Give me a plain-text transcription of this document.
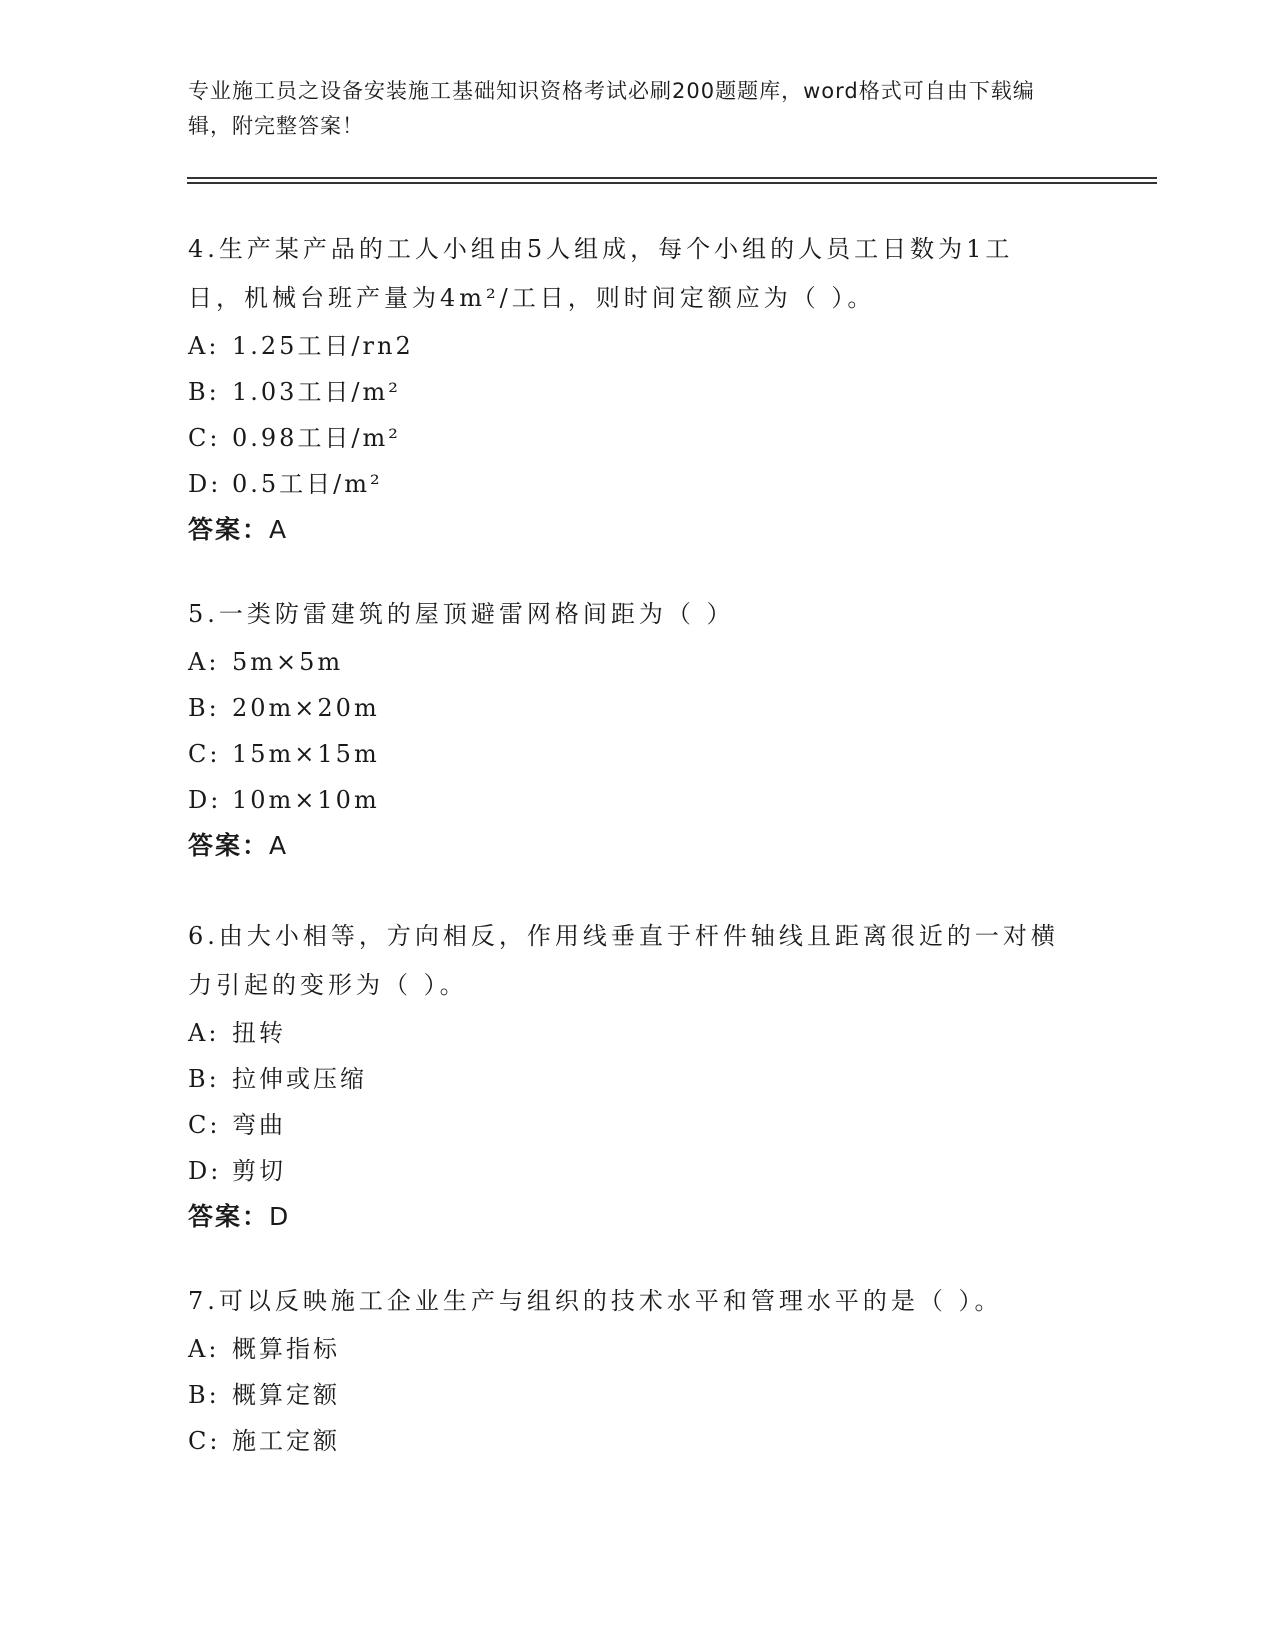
专业施工员之设备安装施工基础知识资格考试必刷200题题库，word格式可自由下载编辑，附完整答案！

4.生产某产品的工人小组由5人组成，每个小组的人员工日数为1工日，机械台班产量为4m²/工日，则时间定额应为（ ）。

A: 1.25工日/rn2

B: 1.03工日/m²

C: 0.98工日/m²

D: 0.5工日/m²

答案：A

5.一类防雷建筑的屋顶避雷网格间距为（ ）

A: 5m×5m

B: 20m×20m

C: 15m×15m

D: 10m×10m

答案：A

6.由大小相等，方向相反，作用线垂直于杆件轴线且距离很近的一对横力引起的变形为（ ）。

A: 扭转

B: 拉伸或压缩

C: 弯曲

D: 剪切

答案：D

7.可以反映施工企业生产与组织的技术水平和管理水平的是（ ）。

A: 概算指标

B: 概算定额

C: 施工定额
